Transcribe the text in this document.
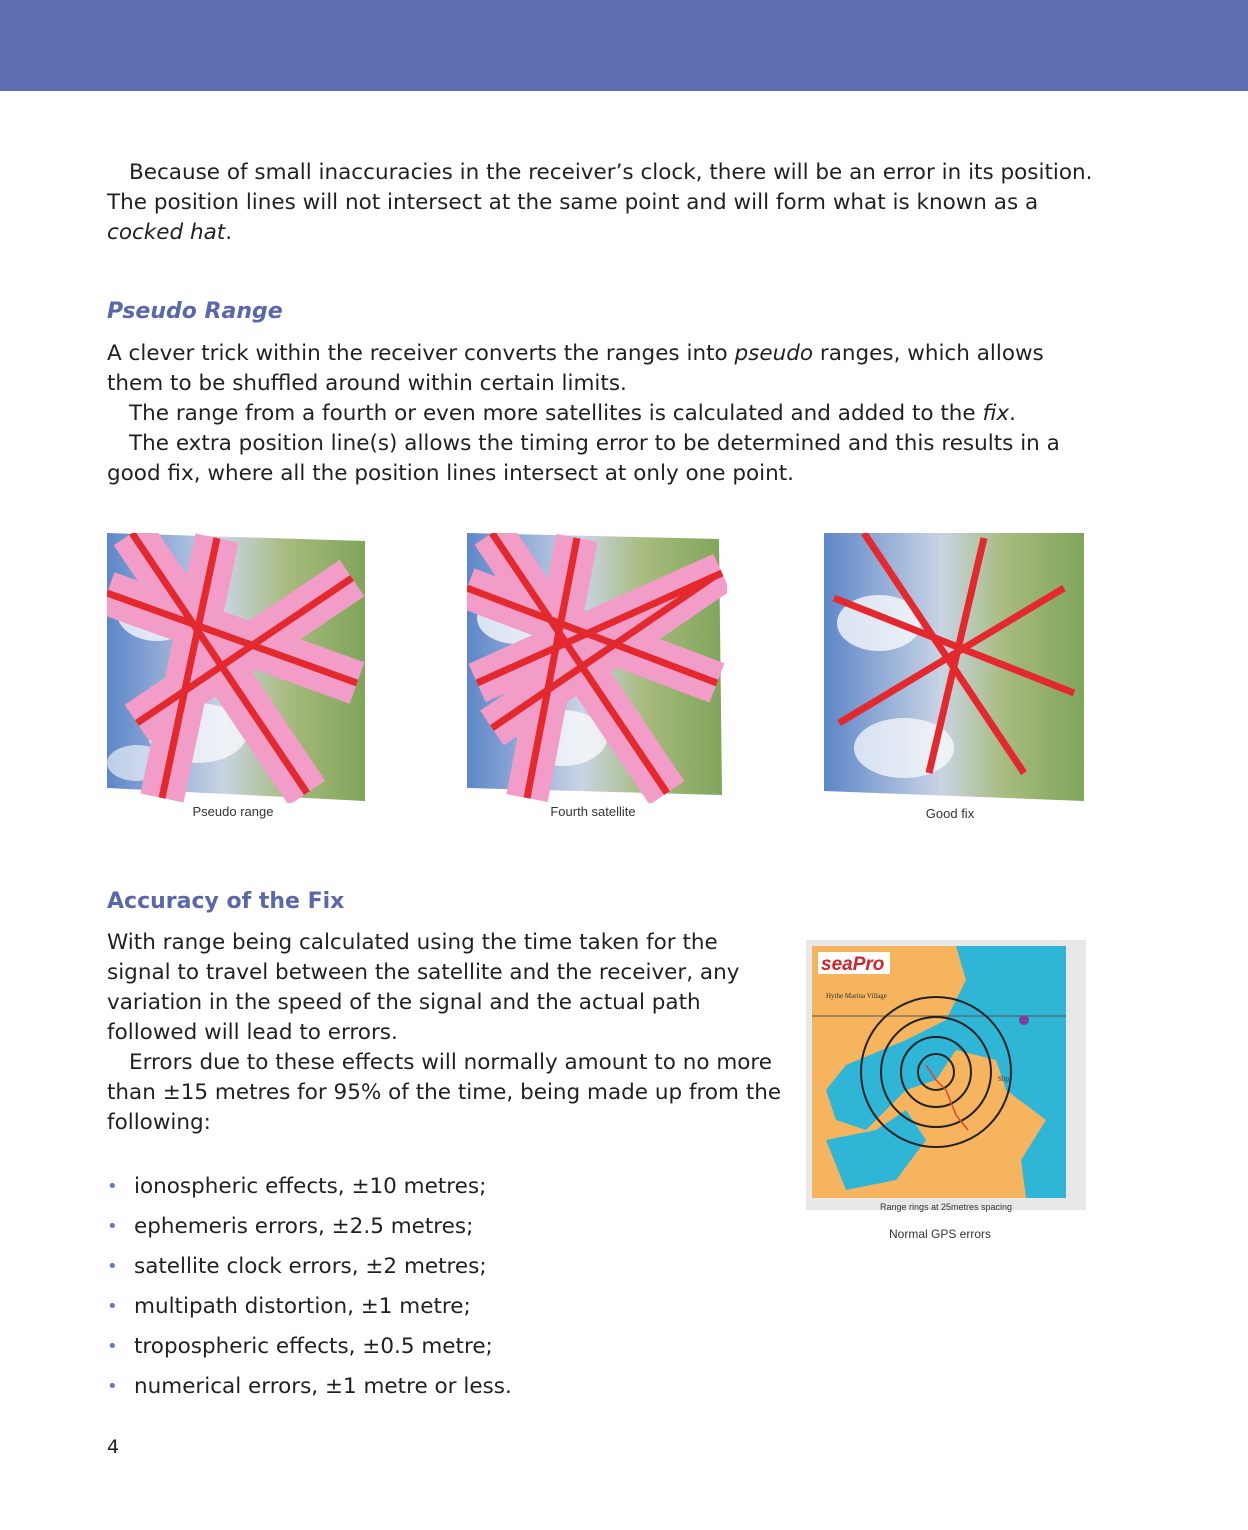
Because of small inaccuracies in the receiver’s clock, there will be an error in its position. The position lines will not intersect at the same point and will form what is known as a cocked hat.

Pseudo Range

A clever trick within the receiver converts the ranges into pseudo ranges, which allows them to be shuffled around within certain limits.

The range from a fourth or even more satellites is calculated and added to the fix.

The extra position line(s) allows the timing error to be determined and this results in a good fix, where all the position lines intersect at only one point.

Pseudo range	Fourth satellite	Good fix
Accuracy of the Fix

With range being calculated using the time taken for the signal to travel between the satellite and the receiver, any variation in the speed of the signal and the actual path followed will lead to errors.

Errors due to these effects will normally amount to no more than ±15 metres for 95% of the time, being made up from the following:

• ionospheric effects, ±10 metres;
• ephemeris errors, ±2.5 metres;
• satellite clock errors, ±2 metres;
• multipath distortion, ±1 metre;
• tropospheric effects, ±0.5 metre;
• numerical errors, ±1 metre or less.
seaPro
Hythe Marina Village
Slip
Range rings at 25metres spacing
Normal GPS errors
4
